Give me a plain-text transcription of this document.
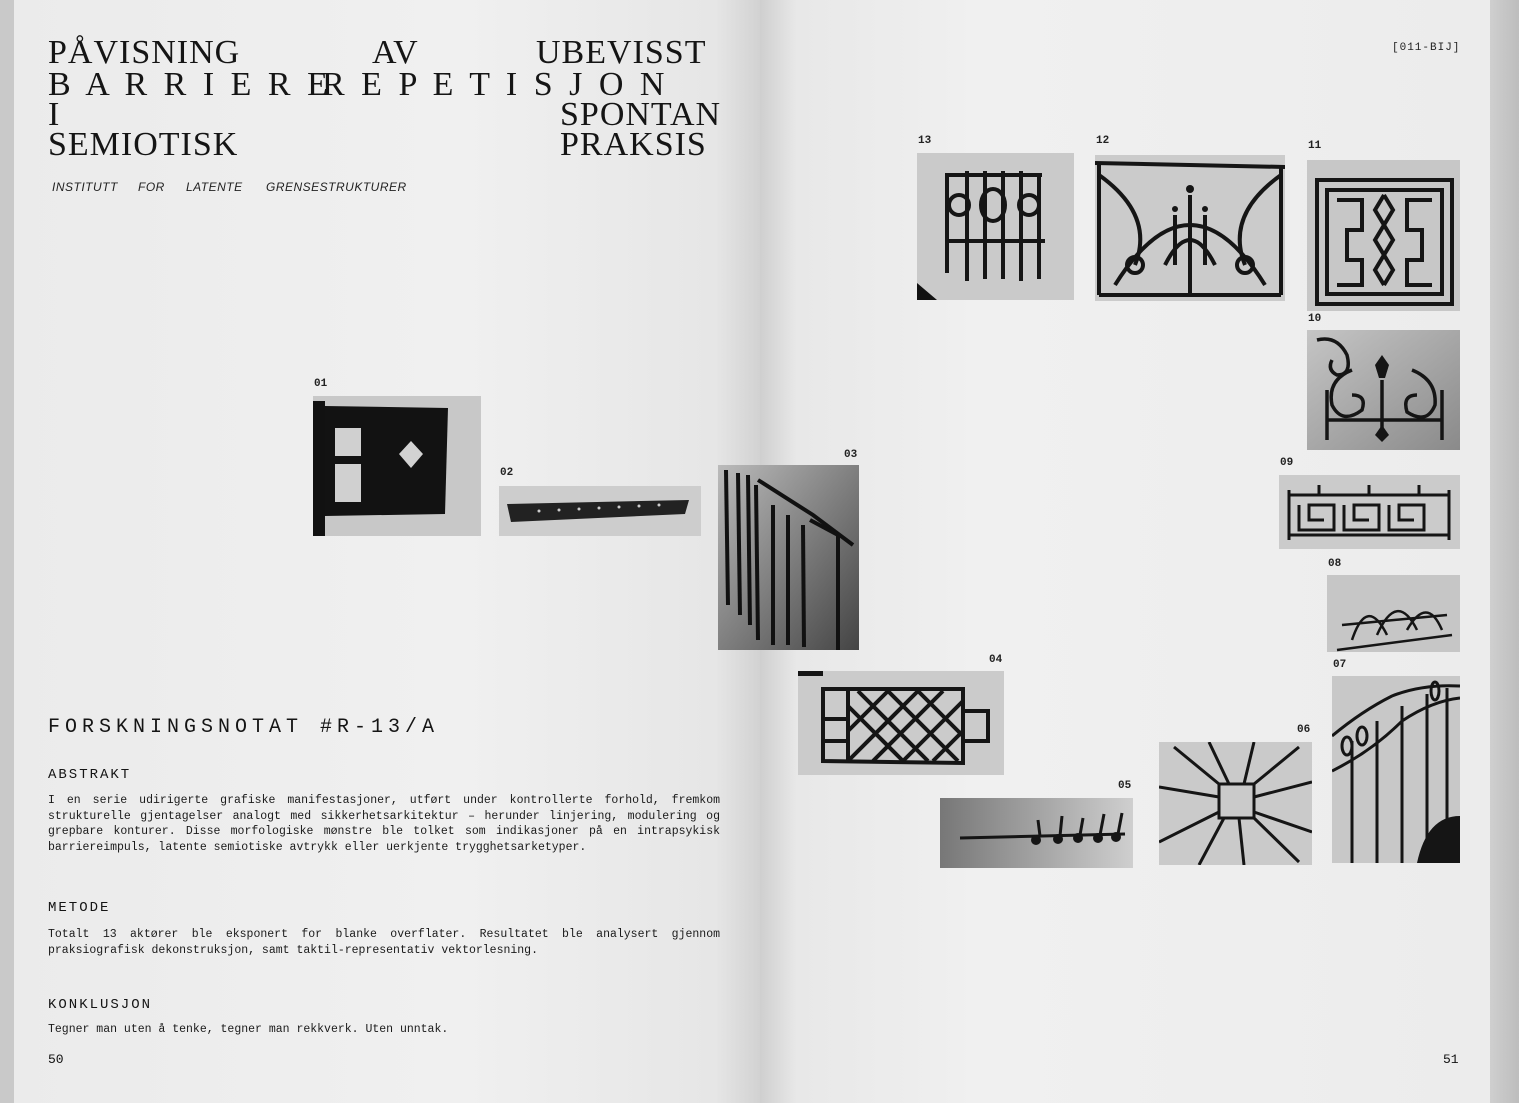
PÅVISNING	AV	UBEVISST
B A R R I E R E
R E P E T I S J O N
I	SPONTAN
SEMIOTISK	PRAKSIS
INSTITUTT FOR LATENTE GRENSESTRUKTURER
01
02
03
FORSKNINGSNOTAT #R-13/A
ABSTRAKT
I en serie udirigerte grafiske manifestasjoner, utført under kontrollerte forhold, fremkom strukturelle gjentagelser analogt med sikkerhetsarkitektur – herunder linjering, modulering og grepbare konturer. Disse morfologiske mønstre ble tolket som indikasjoner på en intrapsykisk barriereimpuls, latente semiotiske avtrykk eller uerkjente trygghetsarketyper.
METODE
Totalt 13 aktører ble eksponert for blanke overflater. Resultatet ble analysert gjennom praksiografisk dekonstruksjon, samt taktil-representativ vektorlesning.
KONKLUSJON
Tegner man uten å tenke, tegner man rekkverk. Uten unntak.
50
[011-BIJ]
13	12	11
10
09
08
07
06
05
04
51
